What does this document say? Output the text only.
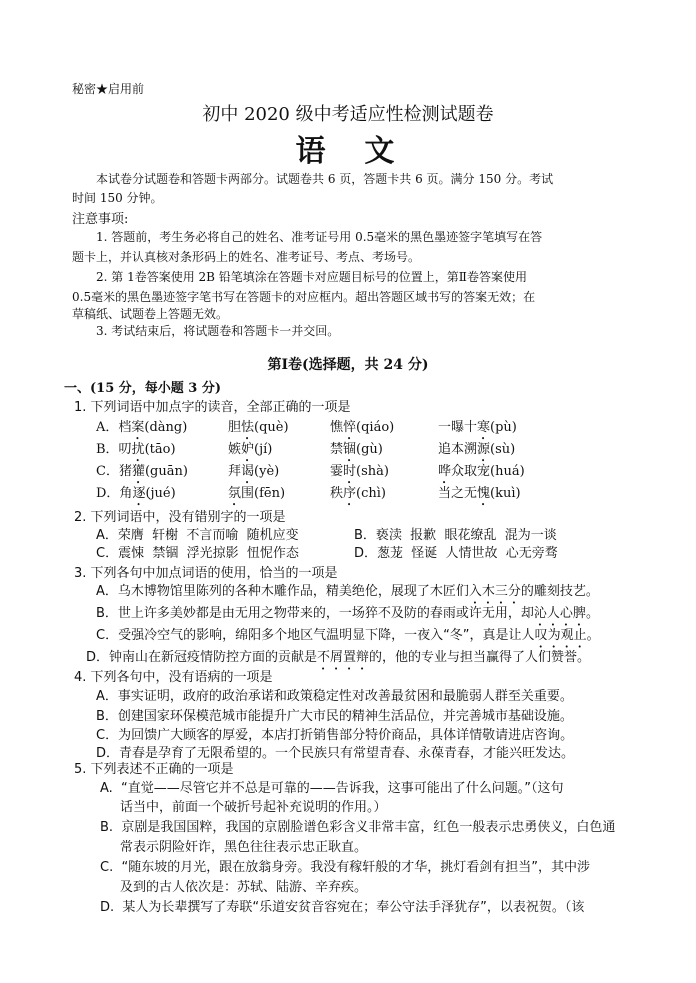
秘密★启用前
初中 2020 级中考适应性检测试题卷
语  文
本试卷分试题卷和答题卡两部分。试题卷共 6 页，答题卡共 6 页。满分 150 分。考试
时间 150 分钟。
注意事项:
1. 答题前，考生务必将自己的姓名、准考证号用 0.5毫米的黑色墨迹签字笔填写在答
题卡上，并认真核对条形码上的姓名、准考证号、考点、考场号。
2. 第 1卷答案使用 2B 铅笔填涂在答题卡对应题目标号的位置上，第Ⅱ卷答案使用
0.5毫米的黑色墨迹签字笔书写在答题卡的对应框内。超出答题区域书写的答案无效；在
草稿纸、试题卷上答题无效。
3. 考试结束后，将试题卷和答题卡一并交回。
第Ⅰ卷(选择题，共 24 分)
一、(15 分，每小题 3 分)
1. 下列词语中加点字的读音，全部正确的一项是
A．档案(dàng)	胆怯(què)	憔悴(qiáo)	一曝十寒(pù)
B．叨扰(tāo)	嫉妒(jí)	禁锢(gù)	追本溯源(sù)
C．猪獾(guān)	拜谒(yè)	霎时(shà)	哗众取宠(huá)
D．角逐(jué)	氛围(fēn)	秩序(chì)	当之无愧(kuì)
2. 下列词语中，没有错别字的一项是
A．荣膺  轩榭  不言而喻  随机应变	B．亵渎  报歉  眼花缭乱  混为一谈
C．震悚  禁锢  浮光掠影  忸怩作态	D．葱茏  怪诞  人情世故  心无旁骛
3. 下列各句中加点词语的使用，恰当的一项是
A．乌木博物馆里陈列的各种木雕作品，精美绝伦，展现了木匠们入木三分的雕刻技艺。
B．世上许多美妙都是由无用之物带来的，一场猝不及防的春雨或许无用，却沁人心脾。
C．受强冷空气的影响，绵阳多个地区气温明显下降，一夜入“冬”，真是让人叹为观止。
D．钟南山在新冠疫情防控方面的贡献是不屑置辩的，他的专业与担当赢得了人们赞誉。
4. 下列各句中，没有语病的一项是
A．事实证明，政府的政治承诺和政策稳定性对改善最贫困和最脆弱人群至关重要。
B．创建国家环保模范城市能提升广大市民的精神生活品位，并完善城市基础设施。
C．为回馈广大顾客的厚爱，本店打折销售部分特价商品，具体详情敬请进店咨询。
D．青春是孕育了无限希望的。一个民族只有常望青春、永葆青春，才能兴旺发达。
5. 下列表述不正确的一项是
A.  “直觉——尽管它并不总是可靠的——告诉我，这事可能出了什么问题。”（这句
话当中，前面一个破折号起补充说明的作用。）
B.  京剧是我国国粹，我国的京剧脸谱色彩含义非常丰富，红色一般表示忠勇侠义，白色通
常表示阴险奸诈，黑色往往表示忠正耿直。
C.  “随东坡的月光，跟在放翁身旁。我没有稼轩般的才华，挑灯看剑有担当”，其中涉
及到的古人依次是：苏轼、陆游、辛弃疾。
D.  某人为长辈撰写了寿联“乐道安贫音容宛在；奉公守法手泽犹存”，以表祝贺。（该
